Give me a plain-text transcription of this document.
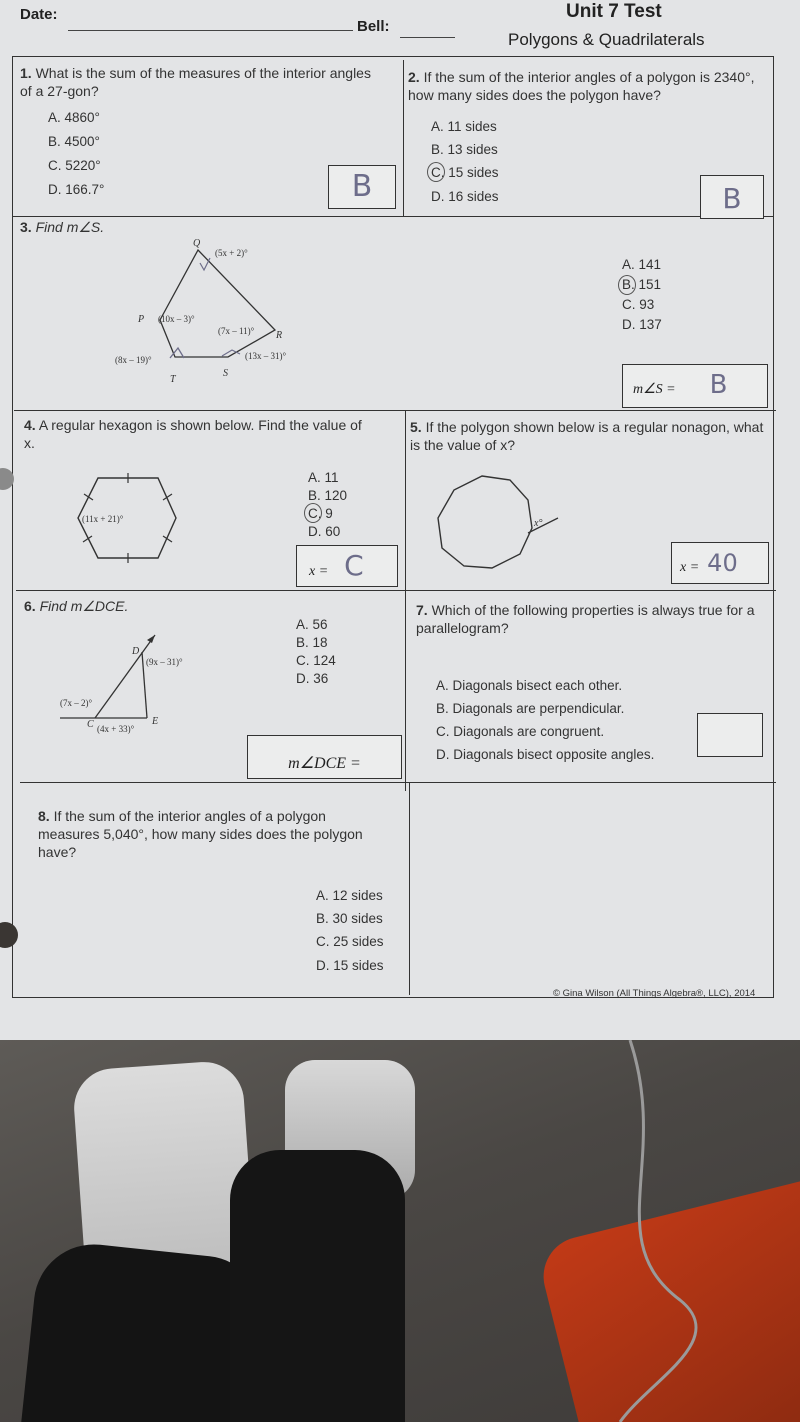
Date:
Bell:
Unit 7 Test
Polygons & Quadrilaterals
1. What is the sum of the measures of the interior angles of a 27-gon?
A. 4860°
B. 4500°
C. 5220°
D. 166.7°	B
2. If the sum of the interior angles of a polygon is 2340°, how many sides does the polygon have?
A. 11 sides
B. 13 sides
C. 15 sides
D. 16 sides	B
3. Find m∠S.
Q
P
R
T
S
(5x + 2)°
(10x – 3)°
(7x – 11)°
(8x – 19)°	(13x – 31)°
A. 141
B. 151
C. 93
D. 137
m∠S = B
4. A regular hexagon is shown below. Find the value of x.
(11x + 21)°
A. 11
B. 120
C. 9
D. 60
x = C
5. If the polygon shown below is a regular nonagon, what is the value of x?
x°
x = 40
6. Find m∠DCE.
D
C	E
(9x – 31)°
(7x – 2)°
(4x + 33)°
A. 56
B. 18
C. 124
D. 36
m∠DCE =
7. Which of the following properties is always true for a parallelogram?
A. Diagonals bisect each other.
B. Diagonals are perpendicular.
C. Diagonals are congruent.
D. Diagonals bisect opposite angles.
8. If the sum of the interior angles of a polygon measures 5,040°, how many sides does the polygon have?
A. 12 sides
B. 30 sides
C. 25 sides
D. 15 sides
© Gina Wilson (All Things Algebra®, LLC), 2014
